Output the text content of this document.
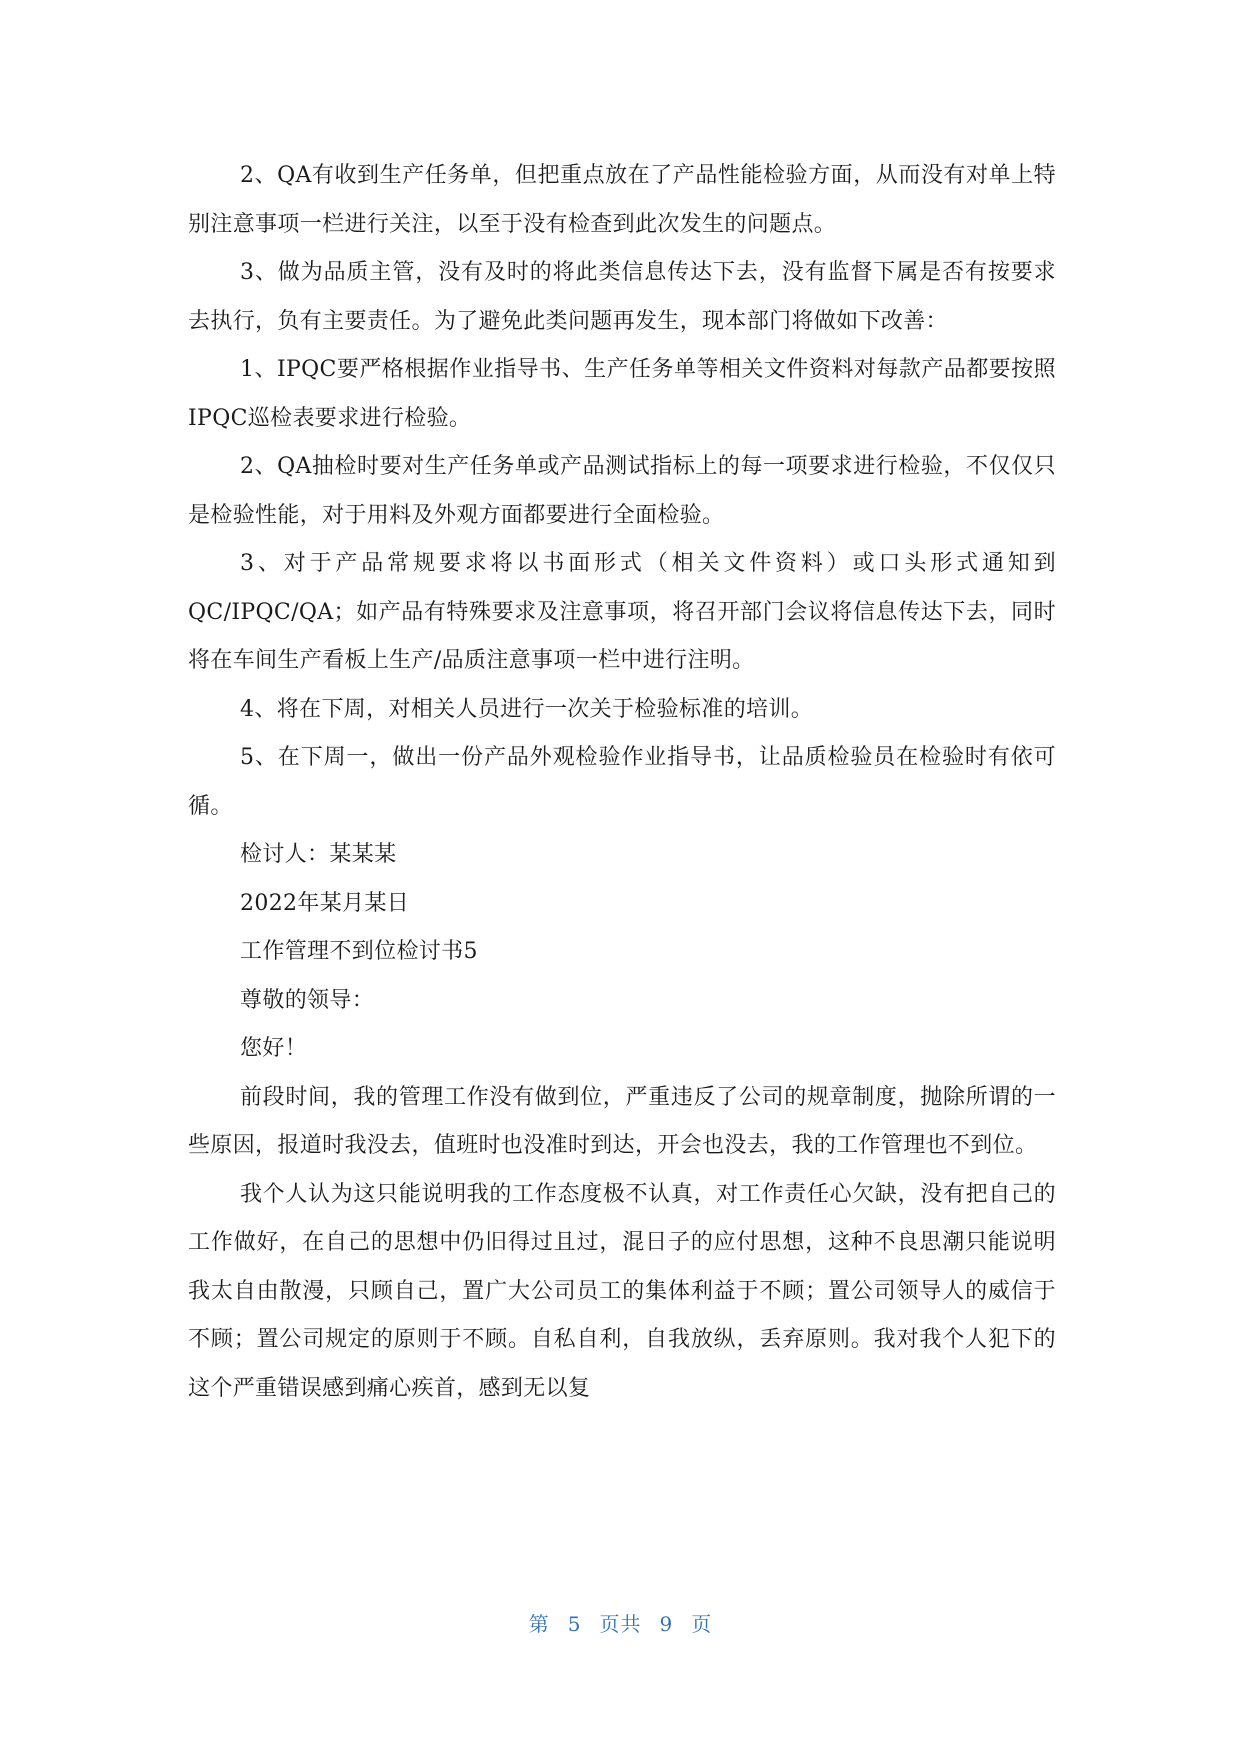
2、QA有收到生产任务单，但把重点放在了产品性能检验方面，从而没有对单上特别注意事项一栏进行关注，以至于没有检查到此次发生的问题点。

3、做为品质主管，没有及时的将此类信息传达下去，没有监督下属是否有按要求去执行，负有主要责任。为了避免此类问题再发生，现本部门将做如下改善：

1、IPQC要严格根据作业指导书、生产任务单等相关文件资料对每款产品都要按照IPQC巡检表要求进行检验。

2、QA抽检时要对生产任务单或产品测试指标上的每一项要求进行检验，不仅仅只是检验性能，对于用料及外观方面都要进行全面检验。

3、对于产品常规要求将以书面形式（相关文件资料）或口头形式通知到QC/IPQC/QA；如产品有特殊要求及注意事项，将召开部门会议将信息传达下去，同时将在车间生产看板上生产/品质注意事项一栏中进行注明。

4、将在下周，对相关人员进行一次关于检验标准的培训。

5、在下周一，做出一份产品外观检验作业指导书，让品质检验员在检验时有依可循。

检讨人：某某某

2022年某月某日

工作管理不到位检讨书5

尊敬的领导：

您好！

前段时间，我的管理工作没有做到位，严重违反了公司的规章制度，抛除所谓的一些原因，报道时我没去，值班时也没准时到达，开会也没去，我的工作管理也不到位。

我个人认为这只能说明我的工作态度极不认真，对工作责任心欠缺，没有把自己的工作做好，在自己的思想中仍旧得过且过，混日子的应付思想，这种不良思潮只能说明我太自由散漫，只顾自己，置广大公司员工的集体利益于不顾；置公司领导人的威信于不顾；置公司规定的原则于不顾。自私自利，自我放纵，丢弃原则。我对我个人犯下的这个严重错误感到痛心疾首，感到无以复

第 5 页共 9 页
